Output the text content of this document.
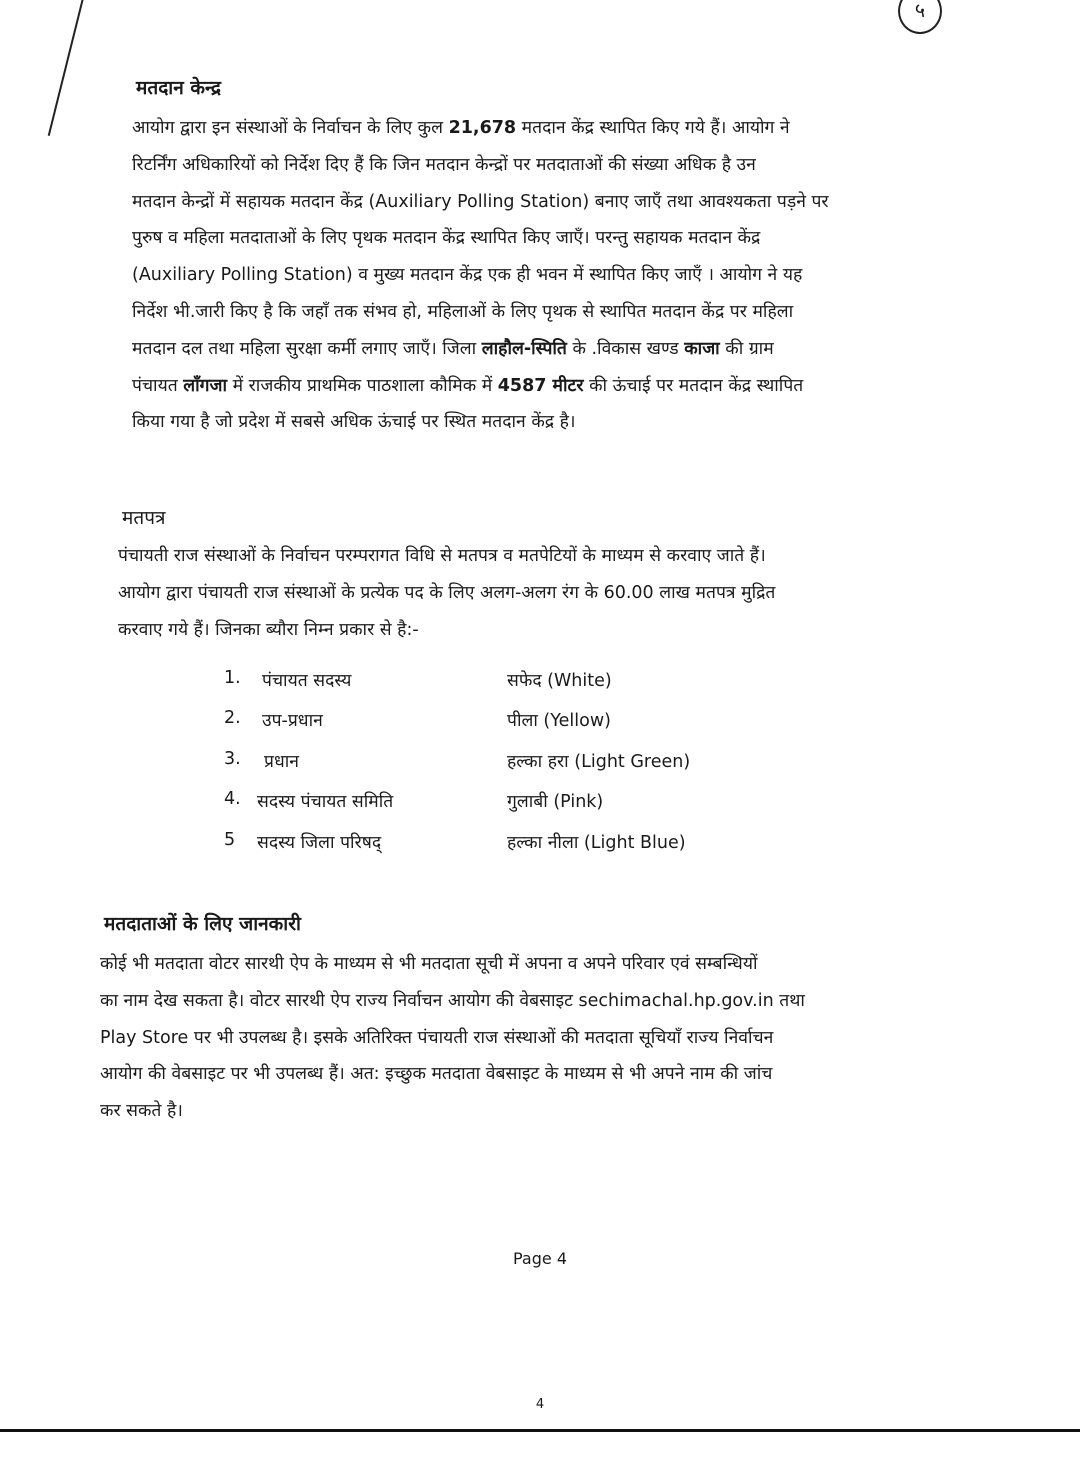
५
मतदान केन्द्र
आयोग द्वारा इन संस्थाओं के निर्वाचन के लिए कुल 21,678 मतदान केंद्र स्थापित किए गये हैं। आयोग ने
रिटर्निंग अधिकारियों को निर्देश दिए हैं कि जिन मतदान केन्द्रों पर मतदाताओं की संख्या अधिक है उन
मतदान केन्द्रों में सहायक मतदान केंद्र (Auxiliary Polling Station) बनाए जाएँ तथा आवश्यकता पड़ने पर
पुरुष व महिला मतदाताओं के लिए पृथक मतदान केंद्र स्थापित किए जाएँ। परन्तु सहायक मतदान केंद्र
(Auxiliary Polling Station) व मुख्य मतदान केंद्र एक ही भवन में स्थापित किए जाएँ । आयोग ने यह
निर्देश भी.जारी किए है कि जहाँ तक संभव हो, महिलाओं के लिए पृथक से स्थापित मतदान केंद्र पर महिला
मतदान दल तथा महिला सुरक्षा कर्मी लगाए जाएँ। जिला लाहौल-स्पिति के .विकास खण्ड काजा की ग्राम
पंचायत लाँगजा में राजकीय प्राथमिक पाठशाला कौमिक में 4587 मीटर की ऊंचाई पर मतदान केंद्र स्थापित
किया गया है जो प्रदेश में सबसे अधिक ऊंचाई पर स्थित मतदान केंद्र है।
मतपत्र
पंचायती राज संस्थाओं के निर्वाचन परम्परागत विधि से मतपत्र व मतपेटियों के माध्यम से करवाए जाते हैं।
आयोग द्वारा पंचायती राज संस्थाओं के प्रत्येक पद के लिए अलग-अलग रंग के 60.00 लाख मतपत्र मुद्रित
करवाए गये हैं। जिनका ब्यौरा निम्न प्रकार से है:-
1. पंचायत सदस्य	सफेद (White)
2. उप-प्रधान	पीला (Yellow)
3. प्रधान	हल्का हरा (Light Green)
4. सदस्य पंचायत समिति	गुलाबी (Pink)
5 सदस्य जिला परिषद्	हल्का नीला (Light Blue)
मतदाताओं के लिए जानकारी
कोई भी मतदाता वोटर सारथी ऐप के माध्यम से भी मतदाता सूची में अपना व अपने परिवार एवं सम्बन्धियों
का नाम देख सकता है। वोटर सारथी ऐप राज्य निर्वाचन आयोग की वेबसाइट sechimachal.hp.gov.in तथा
Play Store पर भी उपलब्ध है। इसके अतिरिक्त पंचायती राज संस्थाओं की मतदाता सूचियाँ राज्य निर्वाचन
आयोग की वेबसाइट पर भी उपलब्ध हैं। अत: इच्छुक मतदाता वेबसाइट के माध्यम से भी अपने नाम की जांच
कर सकते है।
Page 4
4
